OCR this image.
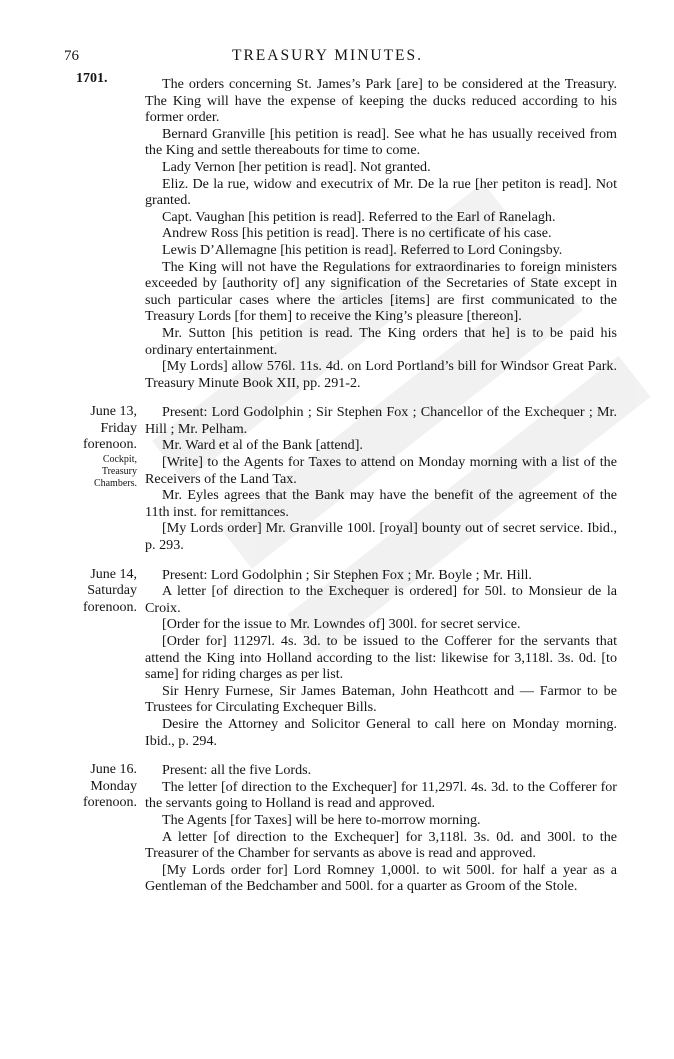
76	TREASURY MINUTES.
1701.	The orders concerning St. James’s Park [are] to be considered at the Treasury. The King will have the expense of keeping the ducks reduced according to his former order.

Bernard Granville [his petition is read]. See what he has usually received from the King and settle thereabouts for time to come.

Lady Vernon [her petition is read]. Not granted.

Eliz. De la rue, widow and executrix of Mr. De la rue [her petiton is read]. Not granted.

Capt. Vaughan [his petition is read]. Referred to the Earl of Ranelagh.

Andrew Ross [his petition is read]. There is no certificate of his case.

Lewis D’Allemagne [his petition is read]. Referred to Lord Coningsby.

The King will not have the Regulations for extraordinaries to foreign ministers exceeded by [authority of] any signification of the Secretaries of State except in such particular cases where the articles [items] are first communicated to the Treasury Lords [for them] to receive the King’s pleasure [thereon].

Mr. Sutton [his petition is read. The King orders that he] is to be paid his ordinary entertainment.

[My Lords] allow 576l. 11s. 4d. on Lord Portland’s bill for Windsor Great Park. Treasury Minute Book XII, pp. 291-2.

June 13,
Friday
forenoon.
Cockpit,
Treasury
Chambers.

Present: Lord Godolphin ; Sir Stephen Fox ; Chancellor of the Exchequer ; Mr. Hill ; Mr. Pelham.

Mr. Ward et al of the Bank [attend].

[Write] to the Agents for Taxes to attend on Monday morning with a list of the Receivers of the Land Tax.

Mr. Eyles agrees that the Bank may have the benefit of the agreement of the 11th inst. for remittances.

[My Lords order] Mr. Granville 100l. [royal] bounty out of secret service. Ibid., p. 293.

June 14,
Saturday
forenoon.

Present: Lord Godolphin ; Sir Stephen Fox ; Mr. Boyle ; Mr. Hill.

A letter [of direction to the Exchequer is ordered] for 50l. to Monsieur de la Croix.

[Order for the issue to Mr. Lowndes of] 300l. for secret service.

[Order for] 11297l. 4s. 3d. to be issued to the Cofferer for the servants that attend the King into Holland according to the list: likewise for 3,118l. 3s. 0d. [to same] for riding charges as per list.

Sir Henry Furnese, Sir James Bateman, John Heathcott and — Farmor to be Trustees for Circulating Exchequer Bills.

Desire the Attorney and Solicitor General to call here on Monday morning. Ibid., p. 294.

June 16.
Monday
forenoon.

Present: all the five Lords.

The letter [of direction to the Exchequer] for 11,297l. 4s. 3d. to the Cofferer for the servants going to Holland is read and approved.

The Agents [for Taxes] will be here to-morrow morning.

A letter [of direction to the Exchequer] for 3,118l. 3s. 0d. and 300l. to the Treasurer of the Chamber for servants as above is read and approved.

[My Lords order for] Lord Romney 1,000l. to wit 500l. for half a year as a Gentleman of the Bedchamber and 500l. for a quarter as Groom of the Stole.
